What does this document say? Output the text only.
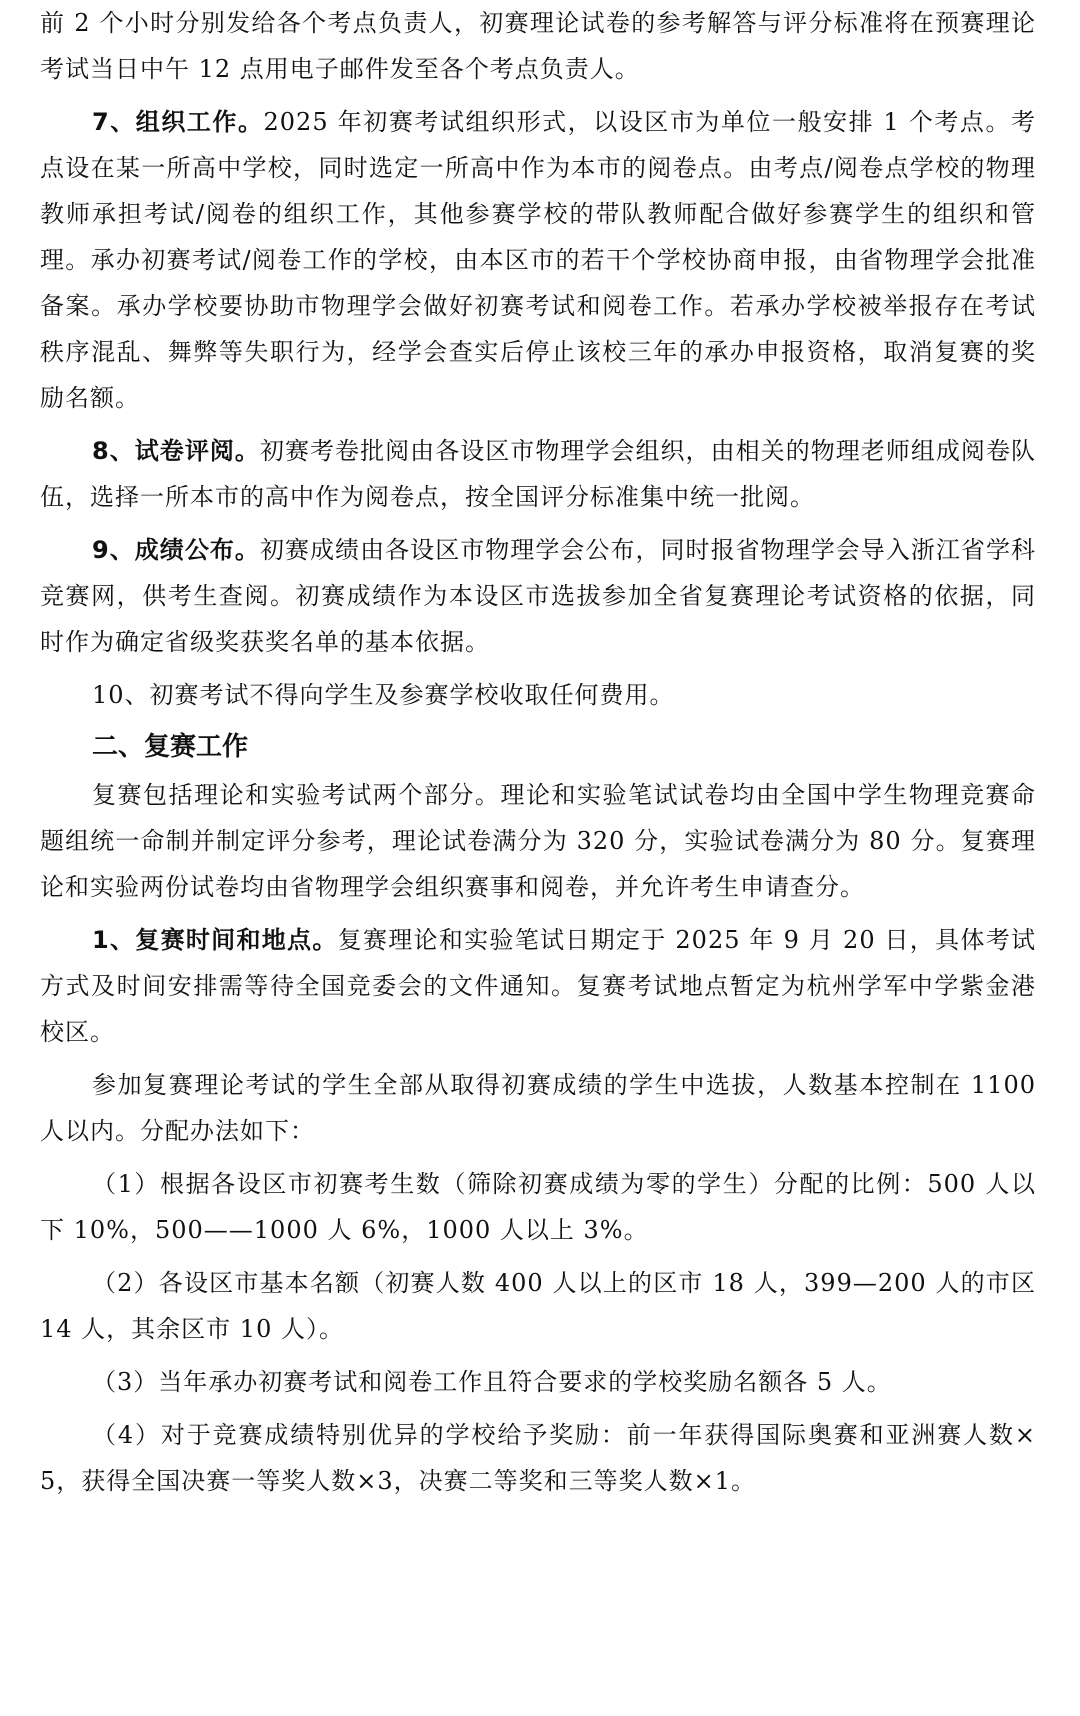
前 2 个小时分别发给各个考点负责人，初赛理论试卷的参考解答与评分标准将在预赛理论考试当日中午 12 点用电子邮件发至各个考点负责人。

7、组织工作。2025 年初赛考试组织形式，以设区市为单位一般安排 1 个考点。考点设在某一所高中学校，同时选定一所高中作为本市的阅卷点。由考点/阅卷点学校的物理教师承担考试/阅卷的组织工作，其他参赛学校的带队教师配合做好参赛学生的组织和管理。承办初赛考试/阅卷工作的学校，由本区市的若干个学校协商申报，由省物理学会批准备案。承办学校要协助市物理学会做好初赛考试和阅卷工作。若承办学校被举报存在考试秩序混乱、舞弊等失职行为，经学会查实后停止该校三年的承办申报资格，取消复赛的奖励名额。

8、试卷评阅。初赛考卷批阅由各设区市物理学会组织，由相关的物理老师组成阅卷队伍，选择一所本市的高中作为阅卷点，按全国评分标准集中统一批阅。

9、成绩公布。初赛成绩由各设区市物理学会公布，同时报省物理学会导入浙江省学科竞赛网，供考生查阅。初赛成绩作为本设区市选拔参加全省复赛理论考试资格的依据，同时作为确定省级奖获奖名单的基本依据。

10、初赛考试不得向学生及参赛学校收取任何费用。

二、复赛工作

复赛包括理论和实验考试两个部分。理论和实验笔试试卷均由全国中学生物理竞赛命题组统一命制并制定评分参考，理论试卷满分为 320 分，实验试卷满分为 80 分。复赛理论和实验两份试卷均由省物理学会组织赛事和阅卷，并允许考生申请查分。

1、复赛时间和地点。复赛理论和实验笔试日期定于 2025 年 9 月 20 日，具体考试方式及时间安排需等待全国竞委会的文件通知。复赛考试地点暂定为杭州学军中学紫金港校区。

参加复赛理论考试的学生全部从取得初赛成绩的学生中选拔，人数基本控制在 1100 人以内。分配办法如下：

（1）根据各设区市初赛考生数（筛除初赛成绩为零的学生）分配的比例：500 人以下 10%，500——1000 人 6%，1000 人以上 3%。

（2）各设区市基本名额（初赛人数 400 人以上的区市 18 人，399—200 人的市区 14 人，其余区市 10 人）。

（3）当年承办初赛考试和阅卷工作且符合要求的学校奖励名额各 5 人。

（4）对于竞赛成绩特别优异的学校给予奖励：前一年获得国际奥赛和亚洲赛人数×5，获得全国决赛一等奖人数×3，决赛二等奖和三等奖人数×1。
